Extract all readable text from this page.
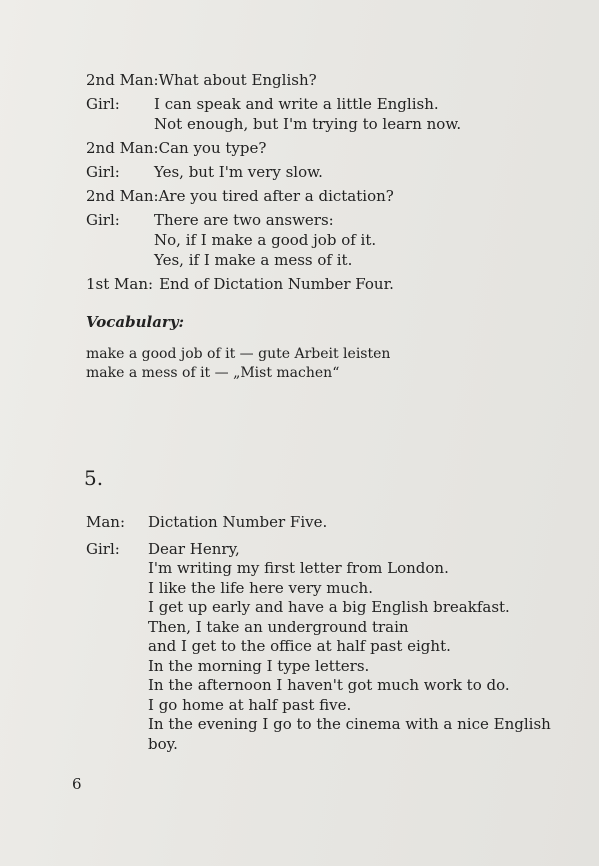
2nd Man: What about English?
Girl:	I can speak and write a little English.
Not enough, but I'm trying to learn now.
2nd Man: Can you type?
Girl:	Yes, but I'm very slow.
2nd Man: Are you tired after a dictation?
Girl:	There are two answers:
No, if I make a good job of it.
Yes, if I make a mess of it.
1st Man: End of Dictation Number Four.
Vocabulary:
make a good job of it — gute Arbeit leisten
make a mess of it — „Mist machen“
5.
Man:	Dictation Number Five.
Girl:	Dear Henry,
I'm writing my first letter from London.
I like the life here very much.
I get up early and have a big English breakfast.
Then, I take an underground train
and I get to the office at half past eight.
In the morning I type letters.
In the afternoon I haven't got much work to do.
I go home at half past five.
In the evening I go to the cinema with a nice English boy.
6
